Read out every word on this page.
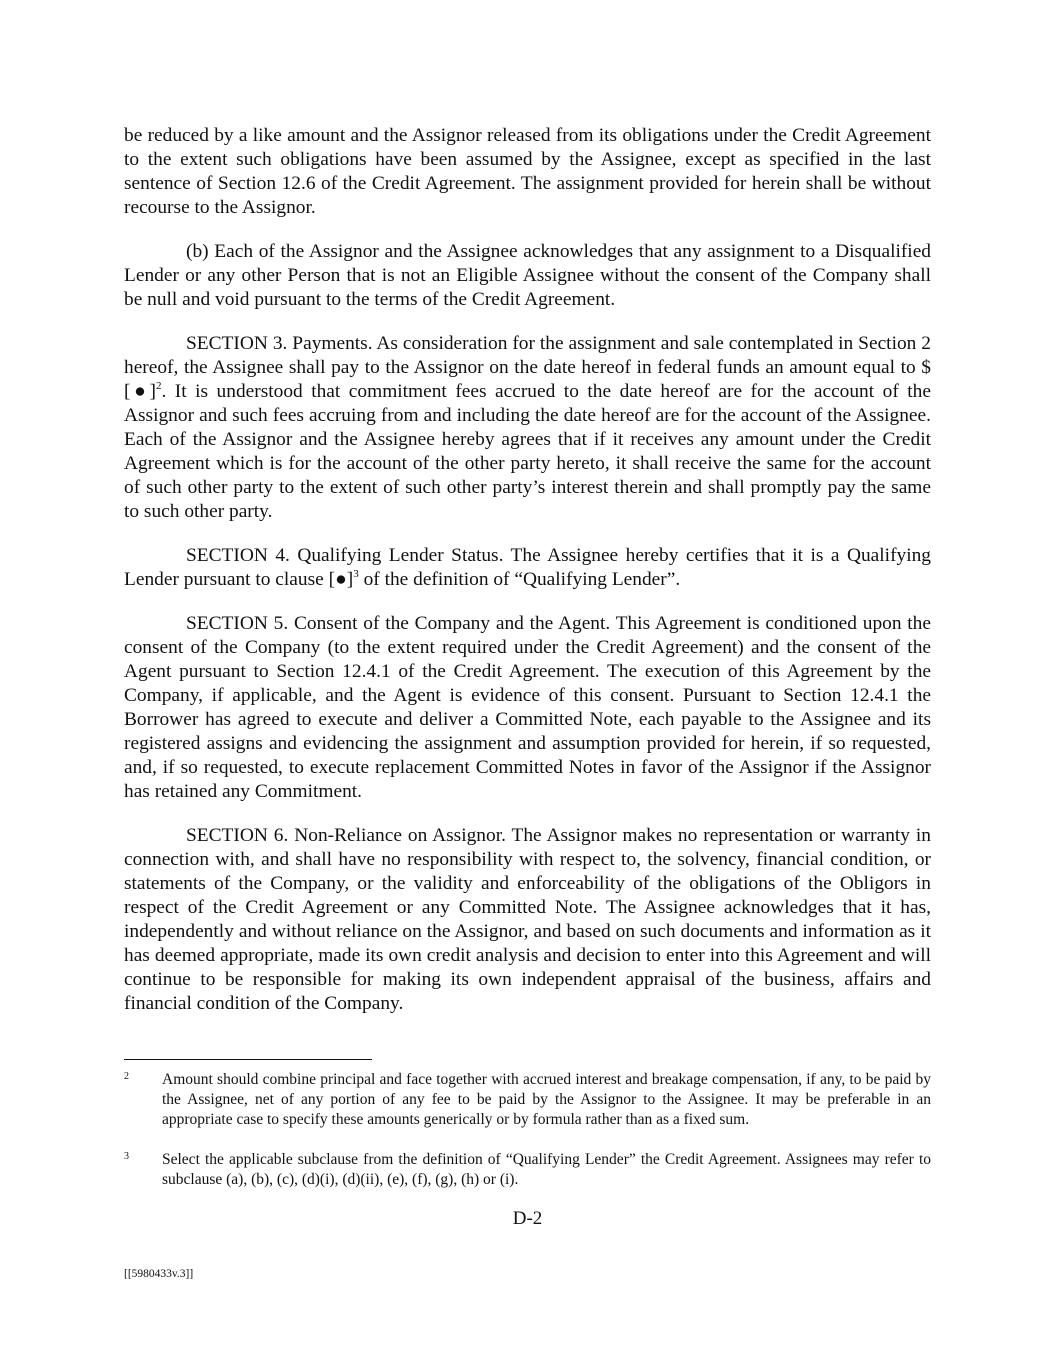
be reduced by a like amount and the Assignor released from its obligations under the Credit Agreement to the extent such obligations have been assumed by the Assignee, except as specified in the last sentence of Section 12.6 of the Credit Agreement. The assignment provided for herein shall be without recourse to the Assignor.

(b) Each of the Assignor and the Assignee acknowledges that any assignment to a Disqualified Lender or any other Person that is not an Eligible Assignee without the consent of the Company shall be null and void pursuant to the terms of the Credit Agreement.

SECTION 3. Payments. As consideration for the assignment and sale contemplated in Section 2 hereof, the Assignee shall pay to the Assignor on the date hereof in federal funds an amount equal to $ [●]$^2$. It is understood that commitment fees accrued to the date hereof are for the account of the Assignor and such fees accruing from and including the date hereof are for the account of the Assignee. Each of the Assignor and the Assignee hereby agrees that if it receives any amount under the Credit Agreement which is for the account of the other party hereto, it shall receive the same for the account of such other party to the extent of such other party’s interest therein and shall promptly pay the same to such other party.

SECTION 4. Qualifying Lender Status. The Assignee hereby certifies that it is a Qualifying Lender pursuant to clause [●]$^3$ of the definition of “Qualifying Lender”.

SECTION 5. Consent of the Company and the Agent. This Agreement is conditioned upon the consent of the Company (to the extent required under the Credit Agreement) and the consent of the Agent pursuant to Section 12.4.1 of the Credit Agreement. The execution of this Agreement by the Company, if applicable, and the Agent is evidence of this consent. Pursuant to Section 12.4.1 the Borrower has agreed to execute and deliver a Committed Note, each payable to the Assignee and its registered assigns and evidencing the assignment and assumption provided for herein, if so requested, and, if so requested, to execute replacement Committed Notes in favor of the Assignor if the Assignor has retained any Commitment.

SECTION 6. Non-Reliance on Assignor. The Assignor makes no representation or warranty in connection with, and shall have no responsibility with respect to, the solvency, financial condition, or statements of the Company, or the validity and enforceability of the obligations of the Obligors in respect of the Credit Agreement or any Committed Note. The Assignee acknowledges that it has, independently and without reliance on the Assignor, and based on such documents and information as it has deemed appropriate, made its own credit analysis and decision to enter into this Agreement and will continue to be responsible for making its own independent appraisal of the business, affairs and financial condition of the Company.

2 Amount should combine principal and face together with accrued interest and breakage compensation, if any, to be paid by the Assignee, net of any portion of any fee to be paid by the Assignor to the Assignee. It may be preferable in an appropriate case to specify these amounts generically or by formula rather than as a fixed sum.
3 Select the applicable subclause from the definition of “Qualifying Lender” the Credit Agreement. Assignees may refer to subclause (a), (b), (c), (d)(i), (d)(ii), (e), (f), (g), (h) or (i).
D-2
[[5980433v.3]]
